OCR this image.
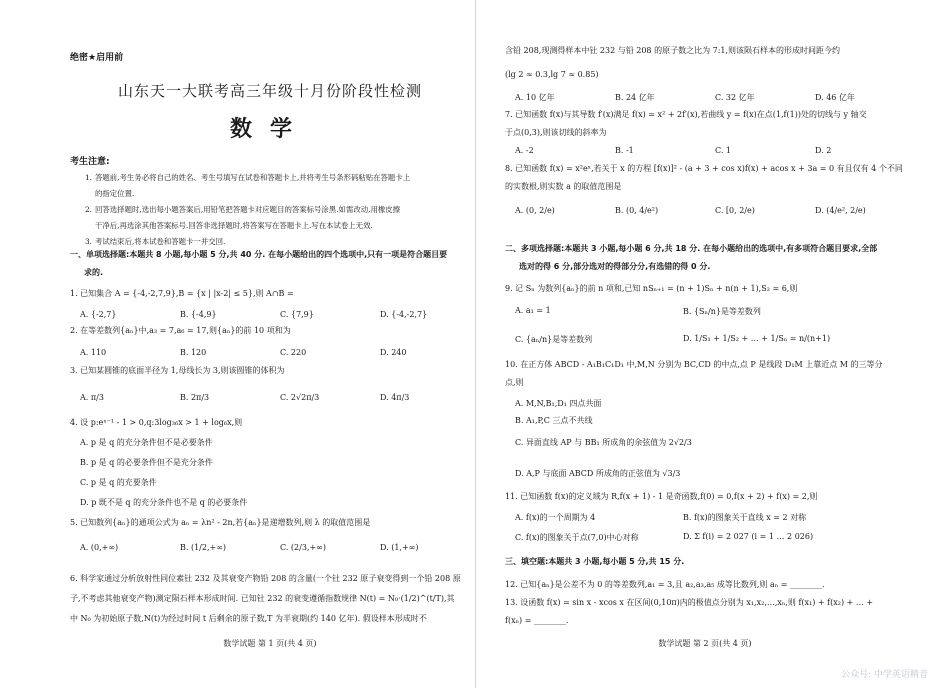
绝密★启用前
山东天一大联考高三年级十月份阶段性检测
数学
考生注意:
1. 答题前,考生务必将自己的姓名、考生号填写在试卷和答题卡上,并将考生号条形码粘贴在答题卡上
的指定位置.
2. 回答选择题时,选出每小题答案后,用铅笔把答题卡对应题目的答案标号涂黑.如需改动,用橡皮擦
干净后,再选涂其他答案标号.回答非选择题时,将答案写在答题卡上.写在本试卷上无效.
3. 考试结束后,将本试卷和答题卡一并交回.
一、单项选择题:本题共 8 小题,每小题 5 分,共 40 分. 在每小题给出的四个选项中,只有一项是符合题目要
求的.
1. 已知集合 A = {-4,-2,7,9},B = {x | |x-2| ≤ 5},则 A∩B =
A. {-2,7}	B. {-4,9}	C. {7,9}	D. {-4,-2,7}
2. 在等差数列{aₙ}中,a₃ = 7,a₆ = 17,则{aₙ}的前 10 项和为
A. 110	B. 120	C. 220	D. 240
3. 已知某圆锥的底面半径为 1,母线长为 3,则该圆锥的体积为
A. π/3	B. 2π/3	C. 2√2π/3	D. 4π/3
4. 设 p:eˣ⁻¹ - 1 > 0,q:3log₃₆x > 1 + log₆x,则
A. p 是 q 的充分条件但不是必要条件
B. p 是 q 的必要条件但不是充分条件
C. p 是 q 的充要条件
D. p 既不是 q 的充分条件也不是 q 的必要条件
5. 已知数列{aₙ}的通项公式为 aₙ = λn² - 2n,若{aₙ}是递增数列,则 λ 的取值范围是
A. (0,+∞)	B. (1/2,+∞)	C. (2/3,+∞)	D. (1,+∞)
6. 科学家通过分析放射性同位素钍 232 及其衰变产物铅 208 的含量(一个钍 232 原子衰变得到一个铅 208 原
子,不考虑其他衰变产物)测定陨石样本形成时间. 已知钍 232 的衰变遵循指数规律 N(t) = N₀·(1/2)^(t/T),其
中 N₀ 为初始原子数,N(t)为经过时间 t 后剩余的原子数,T 为半衰期(约 140 亿年). 假设样本形成时不
数学试题 第 1 页(共 4 页)
含铅 208,现测得样本中钍 232 与铅 208 的原子数之比为 7:1,则该陨石样本的形成时间距今约
(lg 2 ≈ 0.3,lg 7 ≈ 0.85)
A. 10 亿年	B. 24 亿年	C. 32 亿年	D. 46 亿年
7. 已知函数 f(x)与其导数 f′(x)满足 f(x) = x² + 2f′(x),若曲线 y = f(x)在点(1,f(1))处的切线与 y 轴交
于点(0,3),则该切线的斜率为
A. -2	B. -1	C. 1	D. 2
8. 已知函数 f(x) = x²eˣ,若关于 x 的方程 [f(x)]² - (a + 3 + cos x)f(x) + acos x + 3a = 0 有且仅有 4 个不同
的实数根,则实数 a 的取值范围是
A. (0, 2/e)	B. (0, 4/e²)	C. [0, 2/e)	D. (4/e², 2/e)
二、多项选择题:本题共 3 小题,每小题 6 分,共 18 分. 在每小题给出的选项中,有多项符合题目要求,全部
选对的得 6 分,部分选对的得部分分,有选错的得 0 分.
9. 记 Sₙ 为数列{aₙ}的前 n 项和,已知 nSₙ₊₁ = (n + 1)Sₙ + n(n + 1),S₂ = 6,则
A. a₁ = 1	B. {Sₙ/n}是等差数列
C. {aₙ/n}是等差数列	D. 1/S₁ + 1/S₂ + … + 1/Sₙ = n/(n+1)
10. 在正方体 ABCD - A₁B₁C₁D₁ 中,M,N 分别为 BC,CD 的中点,点 P 是线段 D₁M 上靠近点 M 的三等分
点,则
A. M,N,B₁,D₁ 四点共面
B. A₁,P,C 三点不共线
C. 异面直线 AP 与 BB₁ 所成角的余弦值为 2√2/3
D. A,P 与底面 ABCD 所成角的正弦值为 √3/3
11. 已知函数 f(x)的定义域为 R,f(x + 1) - 1 是奇函数,f(0) = 0,f(x + 2) + f(x) = 2,则
A. f(x)的一个周期为 4	B. f(x)的图象关于直线 x = 2 对称
C. f(x)的图象关于点(7,0)中心对称	D. Σ f(i) = 2 027 (i = 1 … 2 026)
三、填空题:本题共 3 小题,每小题 5 分,共 15 分.
12. 已知{aₙ}是公差不为 0 的等差数列,a₁ = 3,且 a₂,a₃,a₅ 成等比数列,则 aₙ = ________.
13. 设函数 f(x) = sin x - xcos x 在区间(0,10π)内的极值点分别为 x₁,x₂,…,xₙ,则 f(x₁) + f(x₂) + … +
f(xₙ) = ________.
数学试题 第 2 页(共 4 页)
公众号: 中学英语精音
